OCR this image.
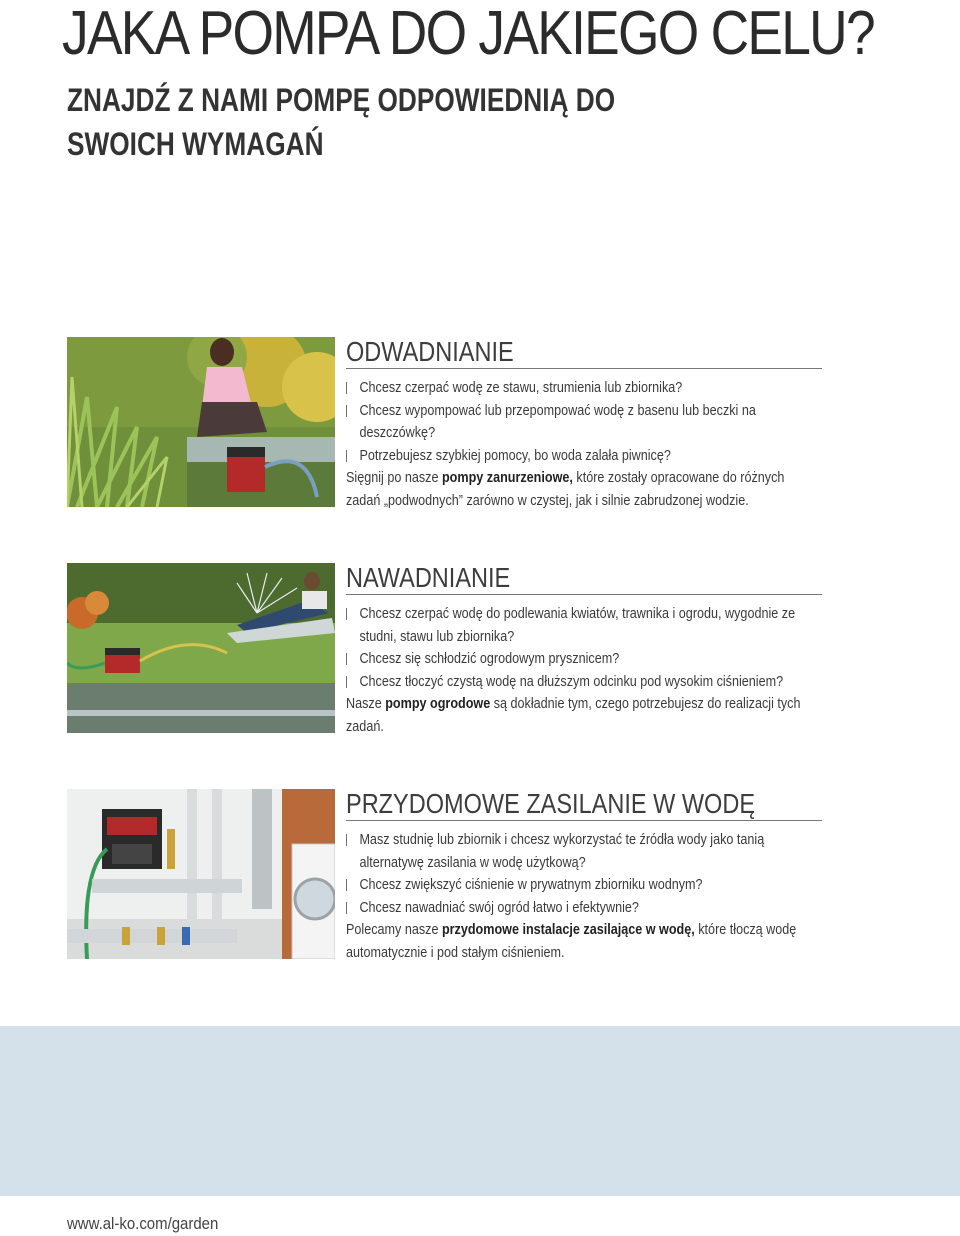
JAKA POMPA DO JAKIEGO CELU?
ZNAJDŹ Z NAMI POMPĘ ODPOWIEDNIĄ DO
SWOICH WYMAGAŃ
ODWADNIANIE
Chcesz czerpać wodę ze stawu, strumienia lub zbiornika?
Chcesz wypompować lub przepompować wodę z basenu lub beczki na deszczówkę?
Potrzebujesz szybkiej pomocy, bo woda zalała piwnicę?
Sięgnij po nasze pompy zanurzeniowe, które zostały opracowane do różnych zadań „podwodnych” zarówno w czystej, jak i silnie zabrudzonej wodzie.
NAWADNIANIE
Chcesz czerpać wodę do podlewania kwiatów, trawnika i ogrodu, wygodnie ze studni, stawu lub zbiornika?
Chcesz się schłodzić ogrodowym prysznicem?
Chcesz tłoczyć czystą wodę na dłuższym odcinku pod wysokim ciśnieniem?
Nasze pompy ogrodowe są dokładnie tym, czego potrzebujesz do realizacji tych zadań.
PRZYDOMOWE ZASILANIE W WODĘ
Masz studnię lub zbiornik i chcesz wykorzystać te źródła wody jako tanią alternatywę zasilania w wodę użytkową?
Chcesz zwiększyć ciśnienie w prywatnym zbiorniku wodnym?
Chcesz nawadniać swój ogród łatwo i efektywnie?
Polecamy nasze przydomowe instalacje zasilające w wodę, które tłoczą wodę automatycznie i pod stałym ciśnieniem.
www.al-ko.com/garden
